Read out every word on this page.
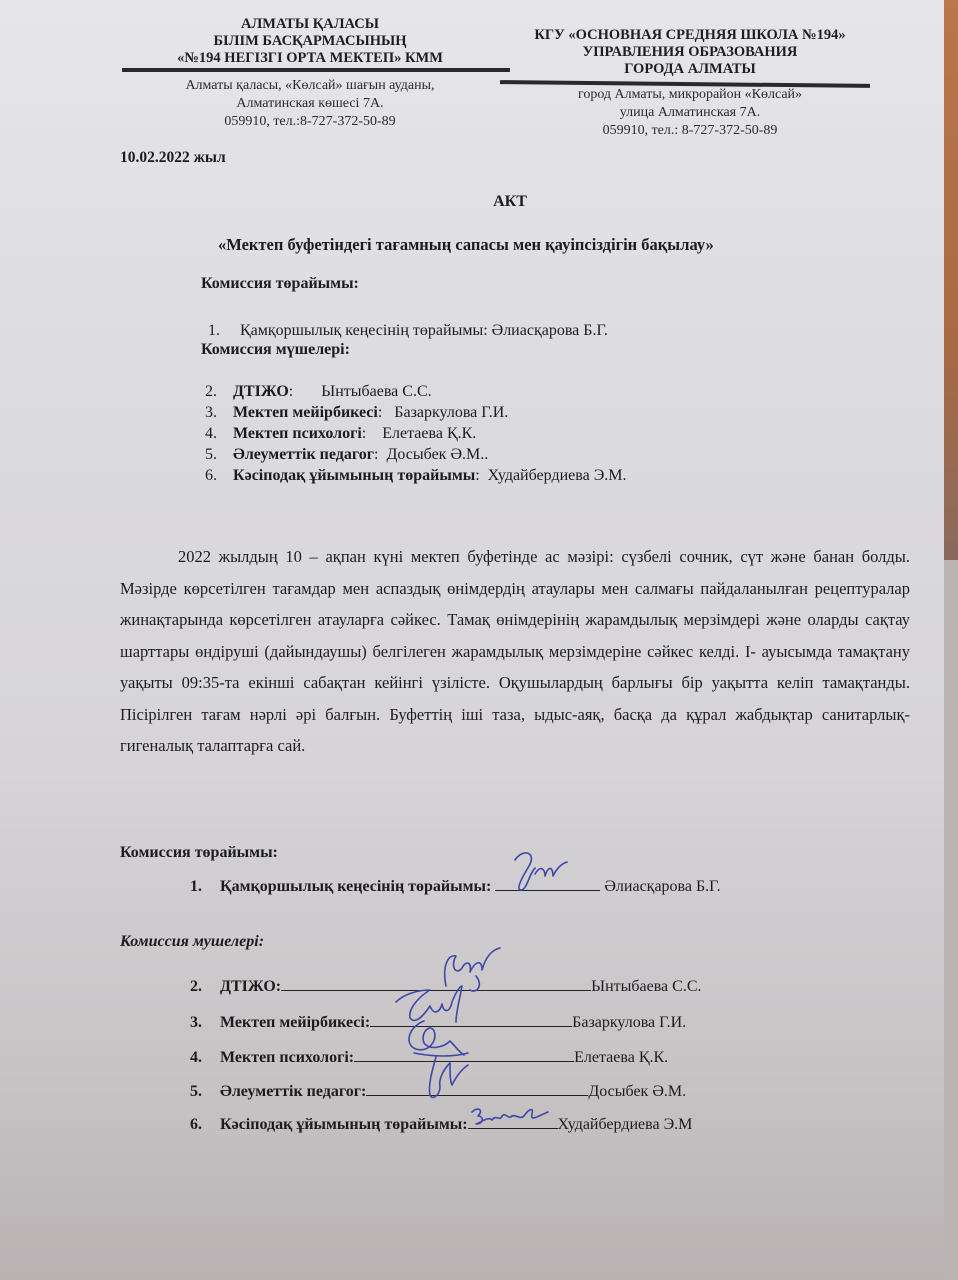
АЛМАТЫ ҚАЛАСЫ
БІЛІМ БАСҚАРМАСЫНЫҢ
«№194 НЕГІЗГІ ОРТА МЕКТЕП» КММ
Алматы қаласы, «Көлсай» шағын ауданы,
Алматинская көшесі 7А.
059910, тел.:8-727-372-50-89
КГУ «ОСНОВНАЯ СРЕДНЯЯ ШКОЛА №194»
УПРАВЛЕНИЯ ОБРАЗОВАНИЯ
ГОРОДА АЛМАТЫ
город Алматы, микрорайон «Көлсай»
улица Алматинская 7А.
059910, тел.: 8-727-372-50-89
10.02.2022 жыл
АКТ
«Мектеп буфетіндегі тағамның сапасы мен қауіпсіздігін бақылау»
Комиссия төрайымы:
1. Қамқоршылық кеңесінің төрайымы: Әлиасқарова Б.Г.
Комиссия мүшелері:
2. ДТІЖО: Ынтыбаева С.С.
3. Мектеп мейірбикесі: Базаркулова Г.И.
4. Мектеп психологі: Елетаева Қ.К.
5. Әлеуметтік педагог: Досыбек Ә.М..
6. Кәсіподақ ұйымының төрайымы: Худайбердиева Э.М.
2022 жылдың 10 – ақпан күні мектеп буфетінде ас мәзірі: сүзбелі сочник, сүт және банан болды. Мәзірде көрсетілген тағамдар мен аспаздық өнімдердің атаулары мен салмағы пайдаланылған рецептуралар жинақтарында көрсетілген атауларға сәйкес. Тамақ өнімдерінің жарамдылық мерзімдері және оларды сақтау шарттары өндіруші (дайындаушы) белгілеген жарамдылық мерзімдеріне сәйкес келді. І- ауысымда тамақтану уақыты 09:35-та екінші сабақтан кейінгі үзілісте. Оқушылардың барлығы бір уақытта келіп тамақтанды. Пісірілген тағам нәрлі әрі балғын. Буфеттің іші таза, ыдыс-аяқ, басқа да құрал жабдықтар санитарлық-гигеналық талаптарға сай.
Комиссия төрайымы:
1. Қамқоршылық кеңесінің төрайымы:	Әлиасқарова Б.Г.
Комиссия мушелері:
2. ДТІЖО:	Ынтыбаева С.С.
3. Мектеп мейірбикесі:	Базаркулова Г.И.
4. Мектеп психологі:	Елетаева Қ.К.
5. Әлеуметтік педагог:	Досыбек Ә.М.
6. Кәсіподақ ұйымының төрайымы:	Худайбердиева Э.М
